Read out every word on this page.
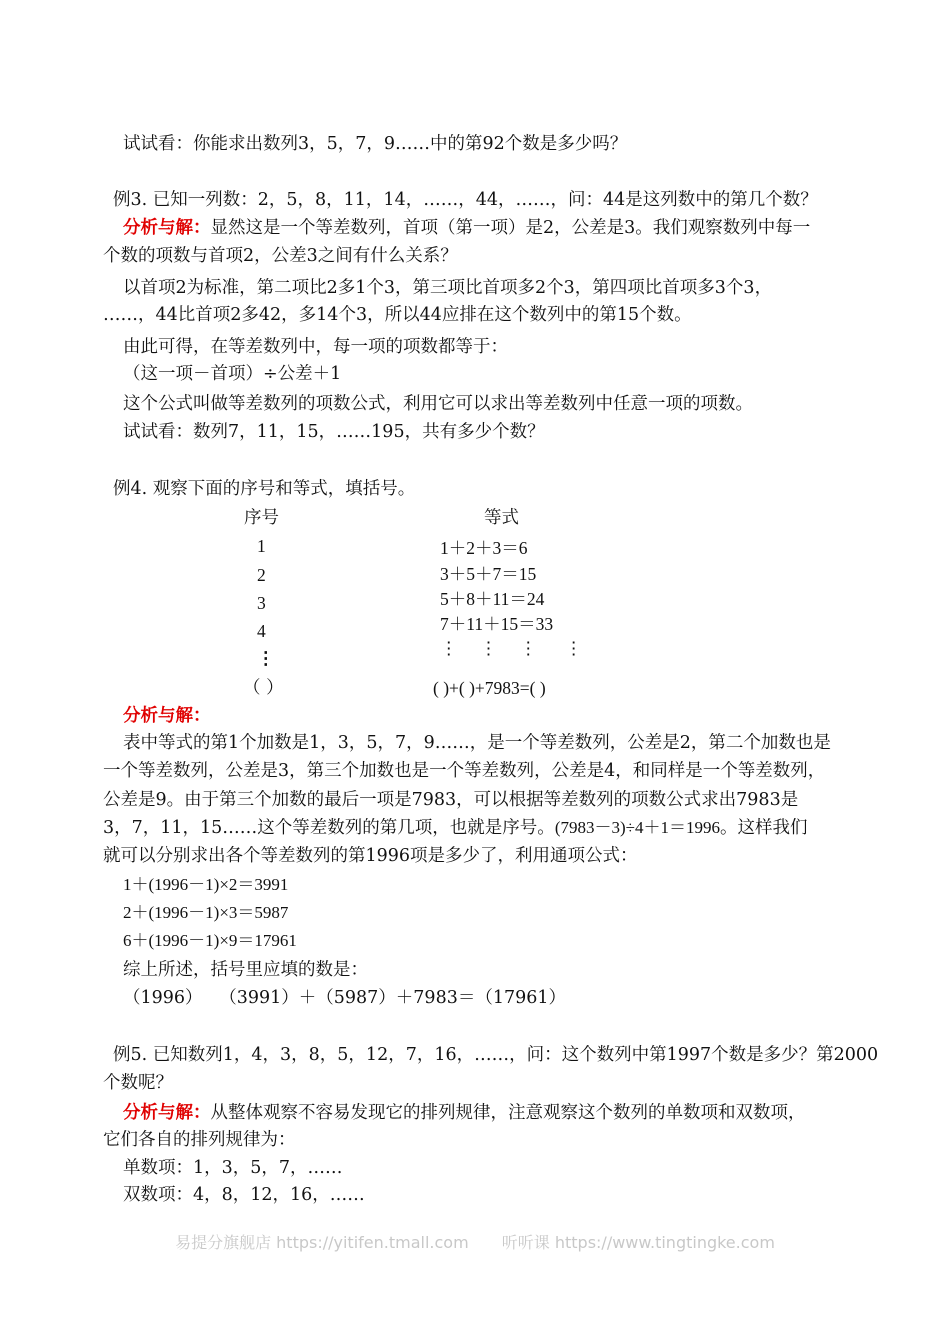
试试看：你能求出数列3，5，7，9……中的第92个数是多少吗？
例3. 已知一列数：2，5，8，11，14，……，44，……，问：44是这列数中的第几个数？
分析与解：显然这是一个等差数列，首项（第一项）是2，公差是3。我们观察数列中每一
个数的项数与首项2，公差3之间有什么关系？
以首项2为标准，第二项比2多1个3，第三项比首项多2个3，第四项比首项多3个3，
……，44比首项2多42，多14个3，所以44应排在这个数列中的第15个数。
由此可得，在等差数列中，每一项的项数都等于：
（这一项－首项）÷公差＋1
这个公式叫做等差数列的项数公式，利用它可以求出等差数列中任意一项的项数。
试试看：数列7，11，15，……195，共有多少个数？
例4. 观察下面的序号和等式，填括号。
序号	等式
1
2
3
4
⋮
（ ）
1＋2＋3＝6
3＋5＋7＝15
5＋8＋11＝24
7＋11＋15＝33
⋮    ⋮    ⋮     ⋮
( )+( )+7983=( )
分析与解：
表中等式的第1个加数是1，3，5，7，9……，是一个等差数列，公差是2，第二个加数也是
一个等差数列，公差是3，第三个加数也是一个等差数列，公差是4，和同样是一个等差数列，
公差是9。由于第三个加数的最后一项是7983，可以根据等差数列的项数公式求出7983是
3，7，11，15……这个等差数列的第几项，也就是序号。(7983－3)÷4＋1＝1996。这样我们
就可以分别求出各个等差数列的第1996项是多少了，利用通项公式：
1＋(1996－1)×2＝3991
2＋(1996－1)×3＝5987
6＋(1996－1)×9＝17961
综上所述，括号里应填的数是：
（1996）   （3991）＋（5987）＋7983＝（17961）
例5. 已知数列1，4，3，8，5，12，7，16，……，问：这个数列中第1997个数是多少？第2000
个数呢？
分析与解：从整体观察不容易发现它的排列规律，注意观察这个数列的单数项和双数项，
它们各自的排列规律为：
单数项：1，3，5，7，……
双数项：4，8，12，16，……
易提分旗舰店 https://yitifen.tmall.com 听听课 https://www.tingtingke.com
